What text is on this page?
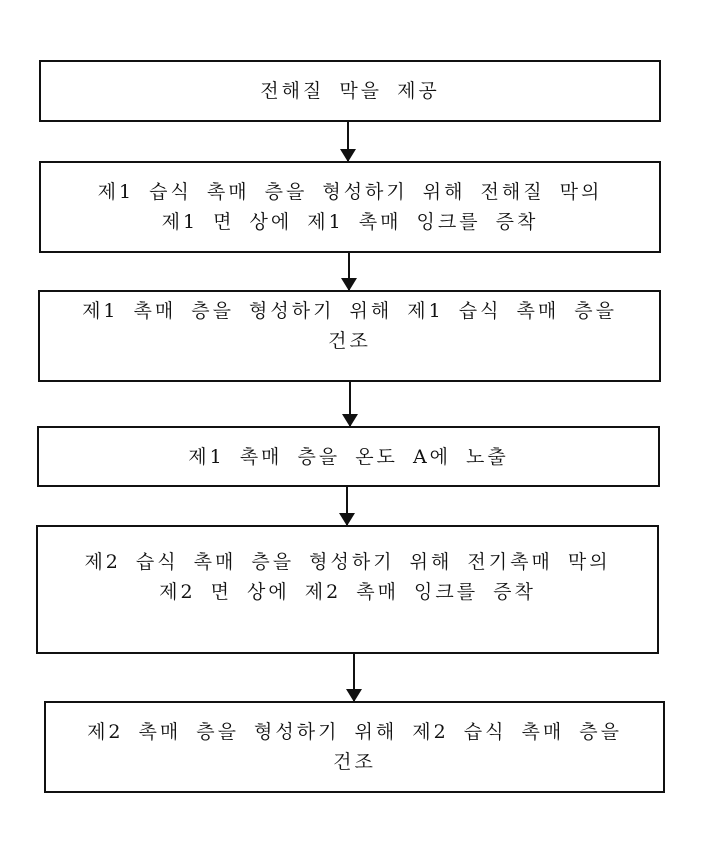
전해질 막을 제공
제1 습식 촉매 층을 형성하기 위해 전해질 막의
제1 면 상에 제1 촉매 잉크를 증착
제1 촉매 층을 형성하기 위해 제1 습식 촉매 층을
건조
제1 촉매 층을 온도 A에 노출
제2 습식 촉매 층을 형성하기 위해 전기촉매 막의
제2 면 상에 제2 촉매 잉크를 증착
제2 촉매 층을 형성하기 위해 제2 습식 촉매 층을
건조
